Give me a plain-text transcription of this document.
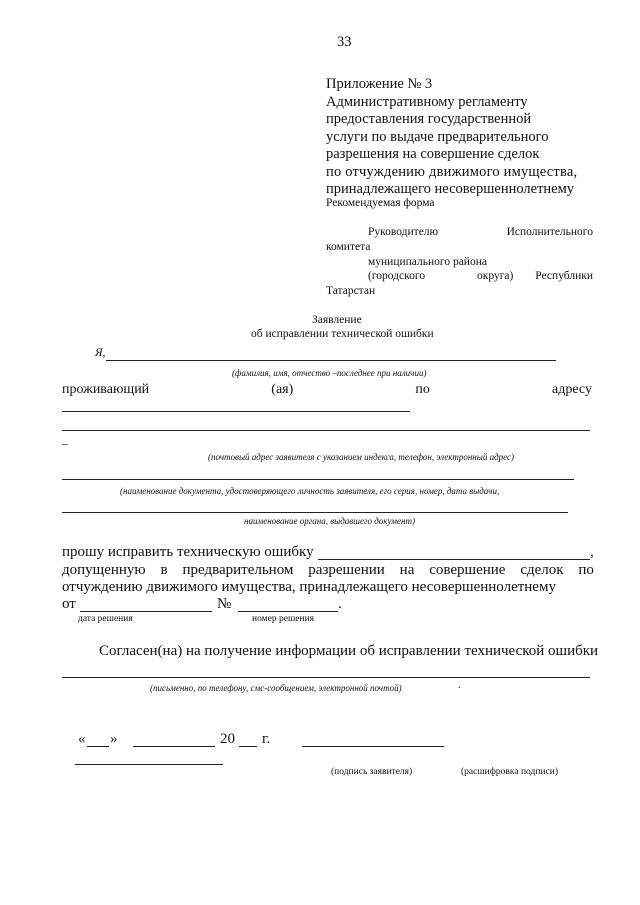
33
Приложение № 3
Административному регламенту
предоставления государственной
услуги по выдаче предварительного
разрешения на совершение сделок
по отчуждению движимого имущества,
принадлежащего несовершеннолетнему
Рекомендуемая форма
Руководителю	Исполнительного
комитета
муниципального района
(городского	округа) Республики
Татарстан
Заявление
об исправлении технической ошибки
Я,
(фамилия, имя, отчество –последнее при наличии)
проживающий	(ая)	по	адресу
–
(почтовый адрес заявителя с указанием индекса, телефон, электронный адрес)
(наименование документа, удостоверяющего личность заявителя, его серия, номер, дата выдачи,
наименование органа, выдавшего документ)
прошу исправить техническую ошибку	,
допущенную в предварительном разрешении на совершение сделок по
отчуждению движимого имущества, принадлежащего несовершеннолетнему
от	№	.
дата решения	номер решения
Согласен(на) на получение информации об исправлении технической ошибки
(письменно, по телефону, смс-сообщением, электронной почтой)	.
« »	20 г.
(подпись заявителя)	(расшифровка подписи)
